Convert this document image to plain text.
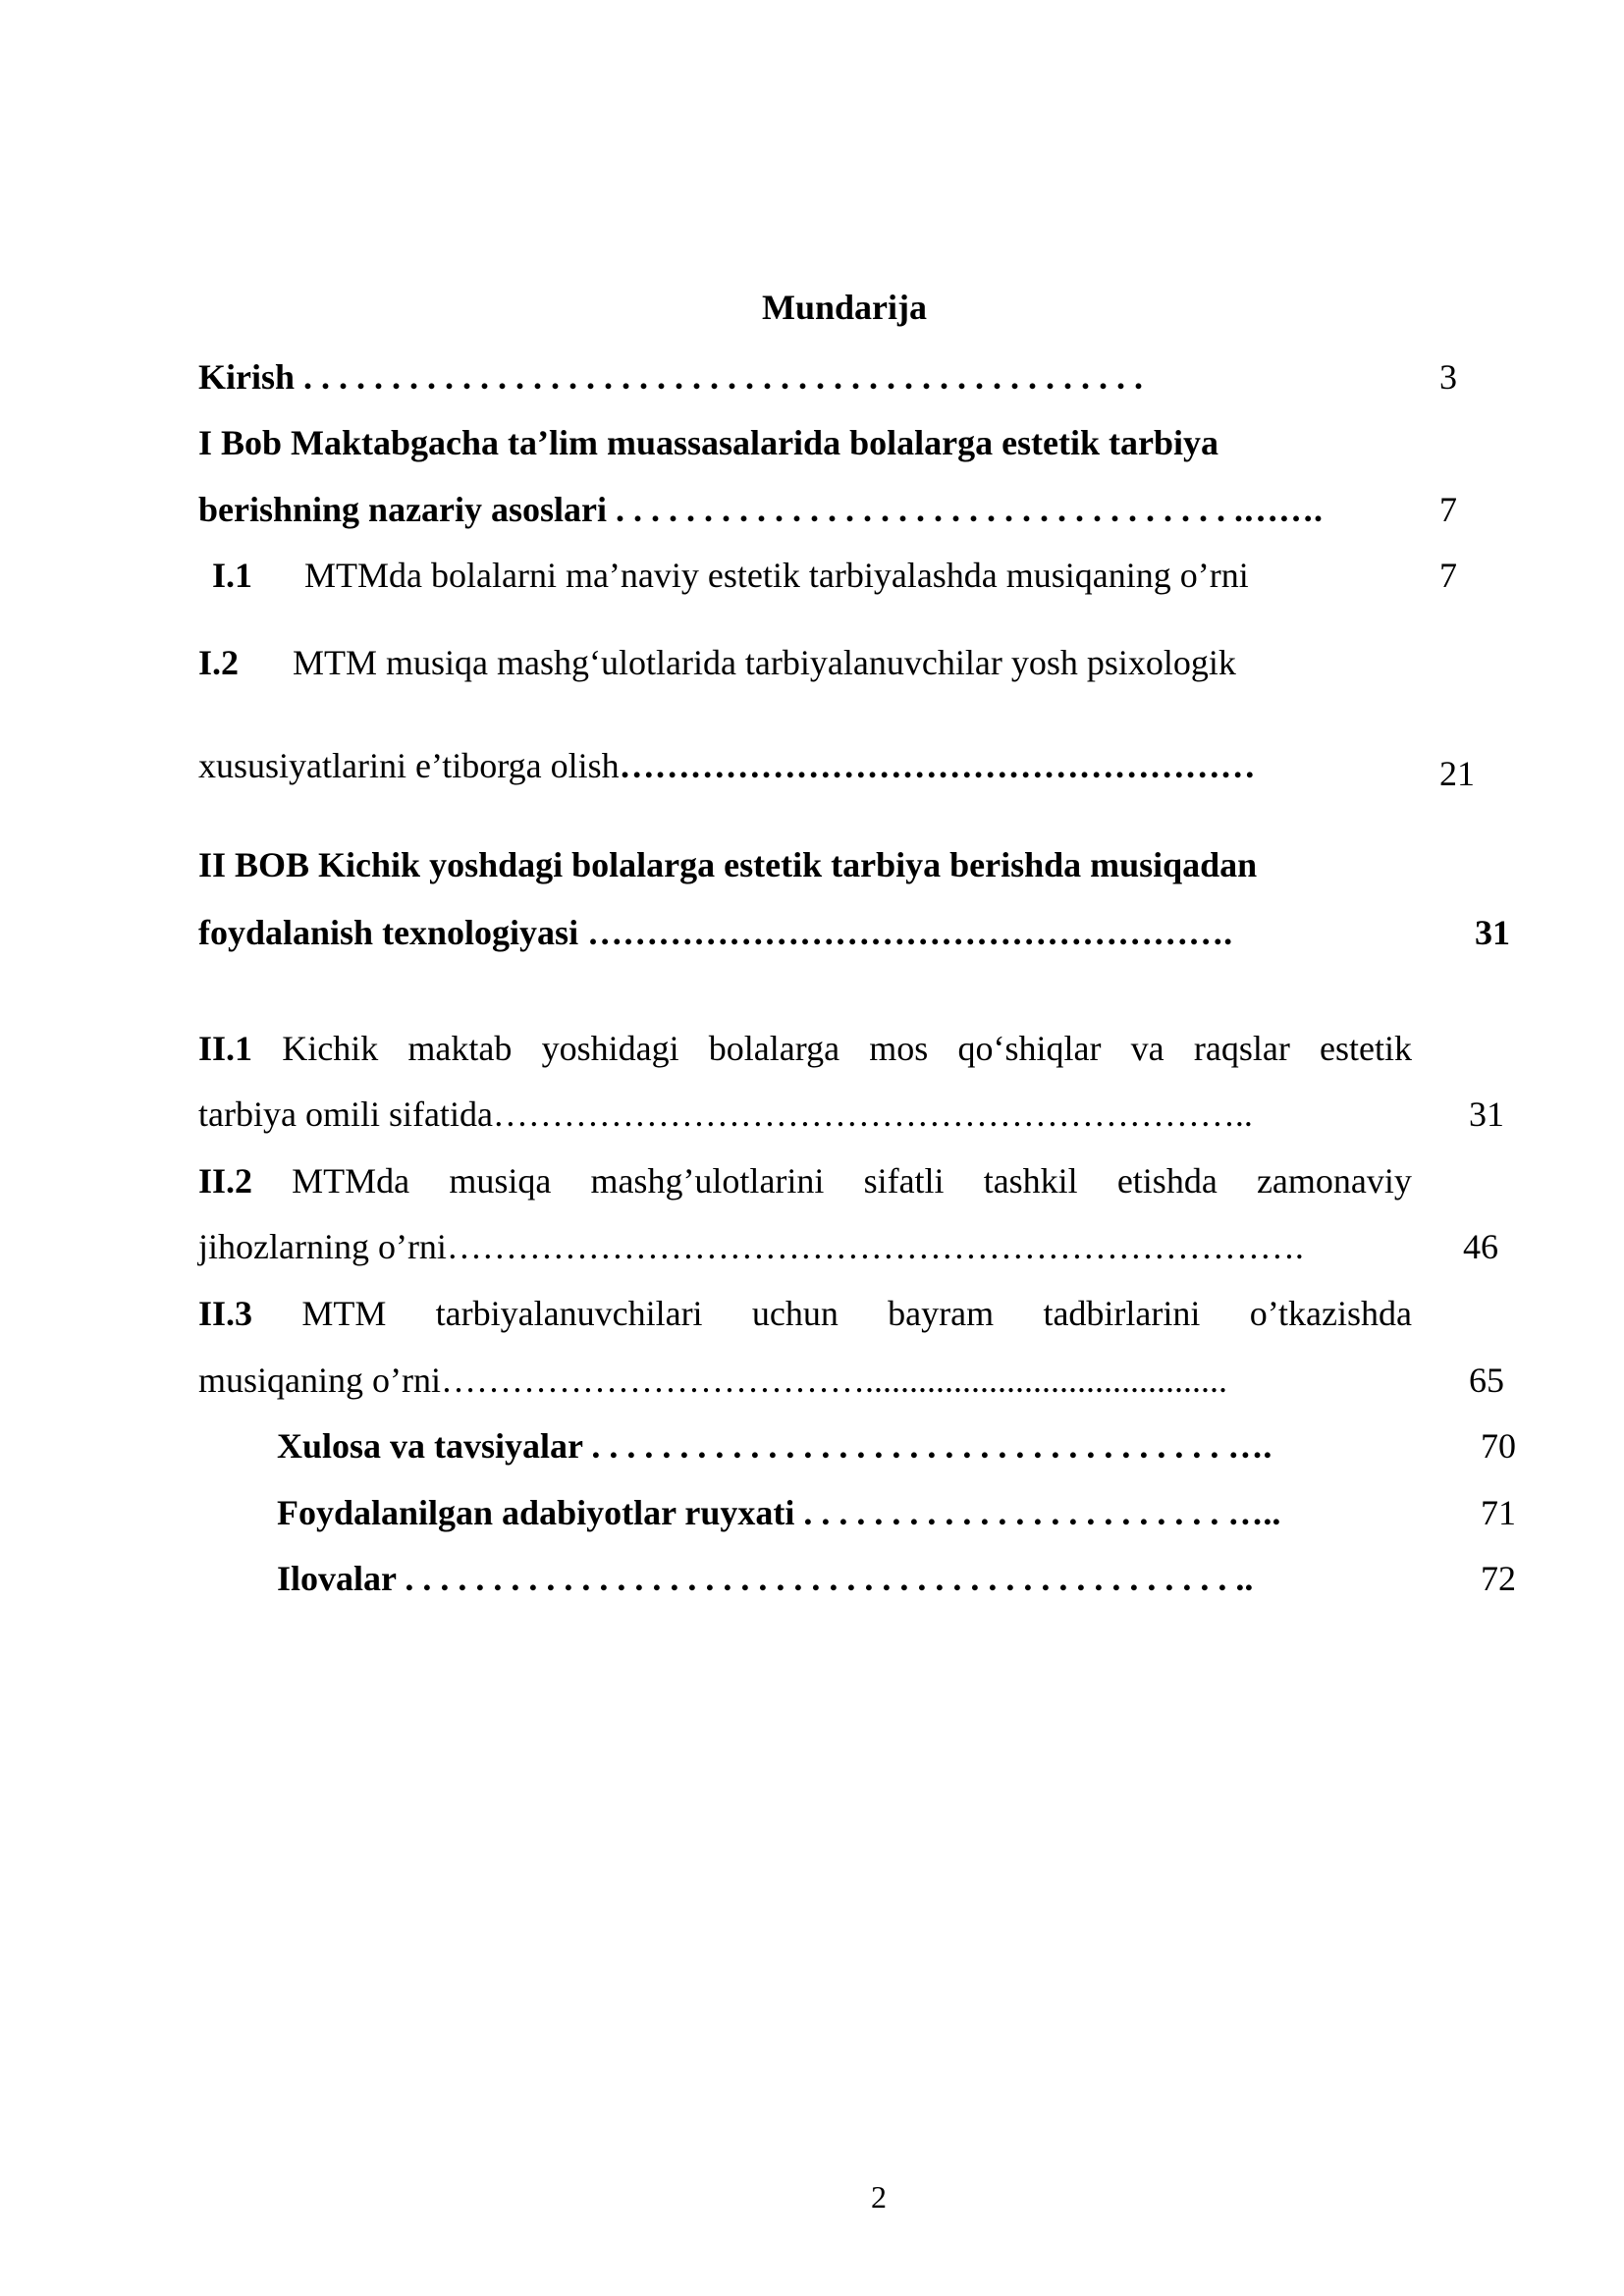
Mundarija
Kirish . . . . . . . . . . . . . . . . . . . . . . . . . . . . . . . . . . . . . . . . . . . . . . . .	3
I Bob Maktabgacha ta’lim muassasalarida bolalarga estetik tarbiya
berishning nazariy asoslari . . . . . . . . . . . . . . . . . . . . . . . . . . . . . . . . . . . .…….	7
I.1 MTMda bolalarni ma’naviy estetik tarbiyalashda musiqaning o’rni	7
I.2 MTM musiqa mashg‘ulotlarida tarbiyalanuvchilar yosh psixologik
xususiyatlarini e’tiborga olish………………………………………………	21
II BOB Kichik yoshdagi bolalarga estetik tarbiya berishda musiqadan
foydalanish texnologiyasi ……………………………………………….	31
II.1 Kichik maktab yoshidagi bolalarga mos qo‘shiqlar va raqslar estetik
tarbiya omili sifatida………………………………………………………..	31
II.2 MTMda musiqa mashg’ulotlarini sifatli tashkil etishda zamonaviy
jihozlarning o’rni……………………………………………………………….	46
II.3 MTM tarbiyalanuvchilari uchun bayram tadbirlarini o’tkazishda
musiqaning o’rni……………………………….........................................	65
Xulosa va tavsiyalar . . . . . . . . . . . . . . . . . . . . . . . . . . . . . . . . . . . . ….	70
Foydalanilgan adabiyotlar ruyxati . . . . . . . . . . . . . . . . . . . . . . . . …..	71
Ilovalar . . . . . . . . . . . . . . . . . . . . . . . . . . . . . . . . . . . . . . . . . . . . . . . ..	72
2
